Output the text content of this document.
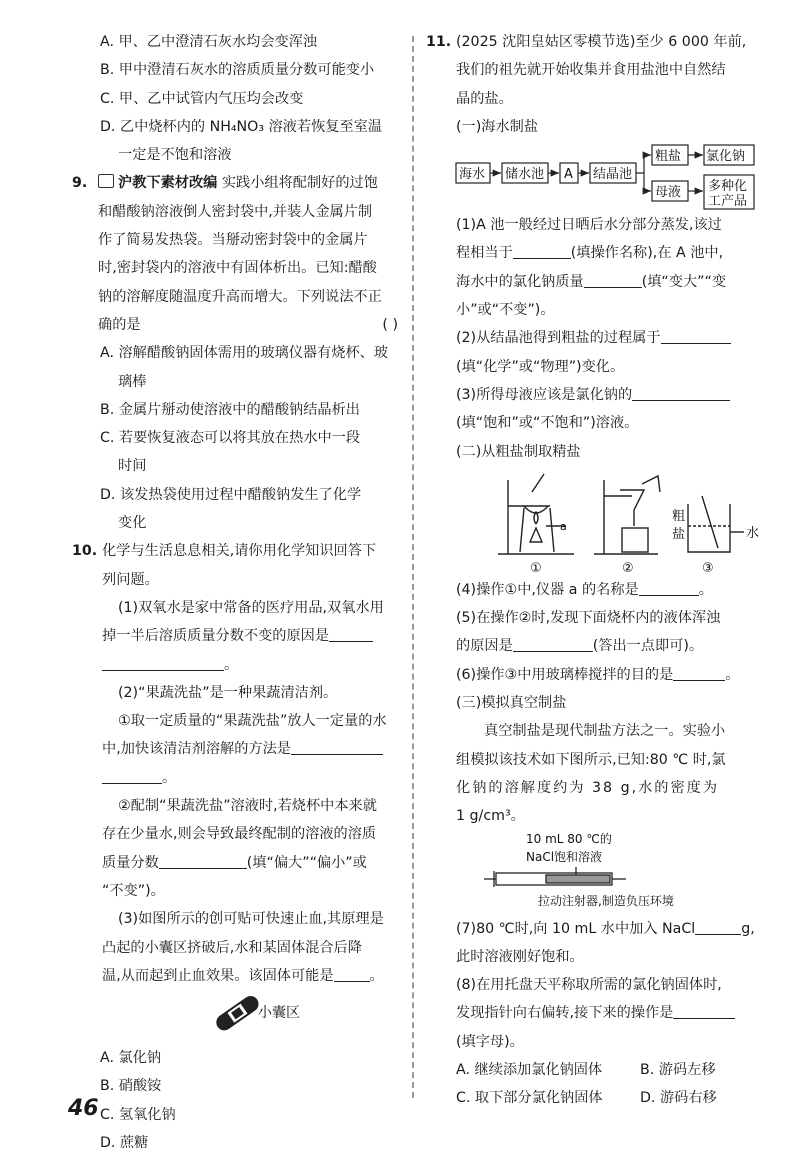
A. 甲、乙中澄清石灰水均会变浑浊
B. 甲中澄清石灰水的溶质质量分数可能变小
C. 甲、乙中试管内气压均会改变
D. 乙中烧杯内的 NH₄NO₃ 溶液若恢复至室温
一定是不饱和溶液
9. 沪教下素材改编 实践小组将配制好的过饱
和醋酸钠溶液倒人密封袋中,并装人金属片制
作了简易发热袋。当掰动密封袋中的金属片
时,密封袋内的溶液中有固体析出。已知:醋酸
钠的溶解度随温度升高而增大。下列说法不正
确的是	( )
A. 溶解醋酸钠固体需用的玻璃仪器有烧杯、玻
璃棒
B. 金属片掰动使溶液中的醋酸钠结晶析出
C. 若要恢复液态可以将其放在热水中一段
时间
D. 该发热袋使用过程中醋酸钠发生了化学
变化
10. 化学与生活息息相关,请你用化学知识回答下
列问题。
(1)双氧水是家中常备的医疗用品,双氧水用
掉一半后溶质质量分数不变的原因是
。
(2)“果蔬洗盐”是一种果蔬清洁剂。
①取一定质量的“果蔬洗盐”放人一定量的水
中,加快该清洁剂溶解的方法是
。
②配制“果蔬洗盐”溶液时,若烧杯中本来就
存在少量水,则会导致最终配制的溶液的溶质
质量分数	(填“偏大”“偏小”或
“不变”)。
(3)如图所示的创可贴可快速止血,其原理是
凸起的小囊区挤破后,水和某固体混合后降
温,从而起到止血效果。该固体可能是	。
小囊区
A. 氯化钠
B. 硝酸铵
C. 氢氧化钠
D. 蔗糖
46
11. (2025 沈阳皇姑区零模节选)至少 6 000 年前,
我们的祖先就开始收集并食用盐池中自然结
晶的盐。
(一)海水制盐
海水 储水池 A 结晶池
粗盐 氯化钠
母液 多种化
工产品
(1)A 池一般经过日晒后水分部分蒸发,该过
程相当于	(填操作名称),在 A 池中,
海水中的氯化钠质量	(填“变大”“变
小”或“不变”)。
(2)从结晶池得到粗盐的过程属于
(填“化学”或“物理”)变化。
(3)所得母液应该是氯化钠的
(填“饱和”或“不饱和”)溶液。
(二)从粗盐制取精盐
a
粗
盐	水
①	②	③
(4)操作①中,仪器 a 的名称是	。
(5)在操作②时,发现下面烧杯内的液体浑浊
的原因是	(答出一点即可)。
(6)操作③中用玻璃棒搅拌的目的是	。
(三)模拟真空制盐
真空制盐是现代制盐方法之一。实验小
组模拟该技术如下图所示,已知:80 ℃ 时,氯
化钠的溶解度约为 38 g,水的密度为
1 g/cm³。
10 mL 80 ℃的
NaCl饱和溶液
拉动注射器,制造负压环境
(7)80 ℃时,向 10 mL 水中加入 NaCl	g,
此时溶液刚好饱和。
(8)在用托盘天平称取所需的氯化钠固体时,
发现指针向右偏转,接下来的操作是
(填字母)。
A. 继续添加氯化钠固体	B. 游码左移
C. 取下部分氯化钠固体	D. 游码右移
